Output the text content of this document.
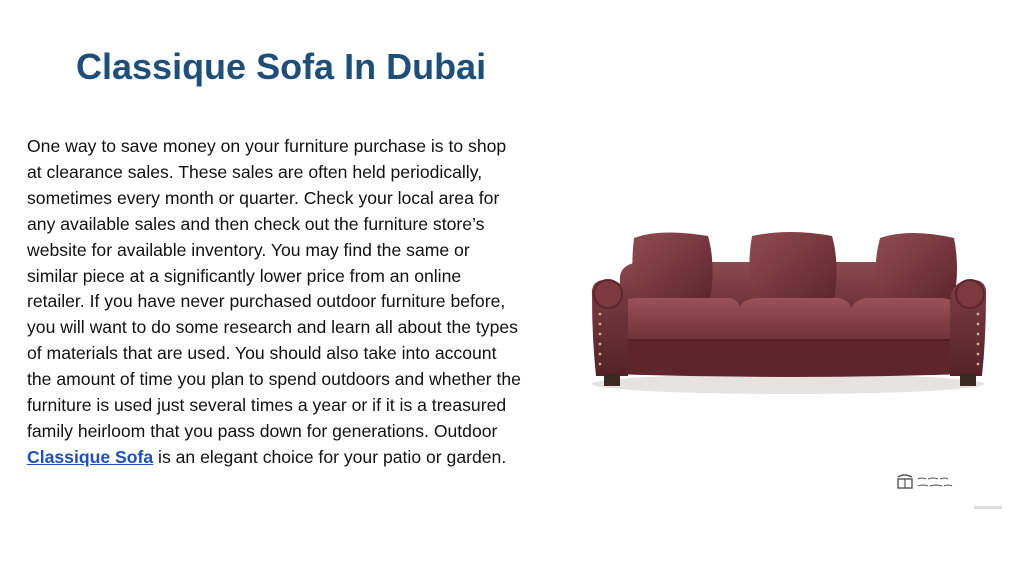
Classique Sofa In Dubai

One way to save money on your furniture purchase is to shop at clearance sales. These sales are often held periodically, sometimes every month or quarter. Check your local area for any available sales and then check out the furniture store’s website for available inventory. You may find the same or similar piece at a significantly lower price from an online retailer. If you have never purchased outdoor furniture before, you will want to do some research and learn all about the types of materials that are used. You should also take into account the amount of time you plan to spend outdoors and whether the furniture is used just several times a year or if it is a treasured family heirloom that you pass down for generations. Outdoor Classique Sofa is an elegant choice for your patio or garden.
